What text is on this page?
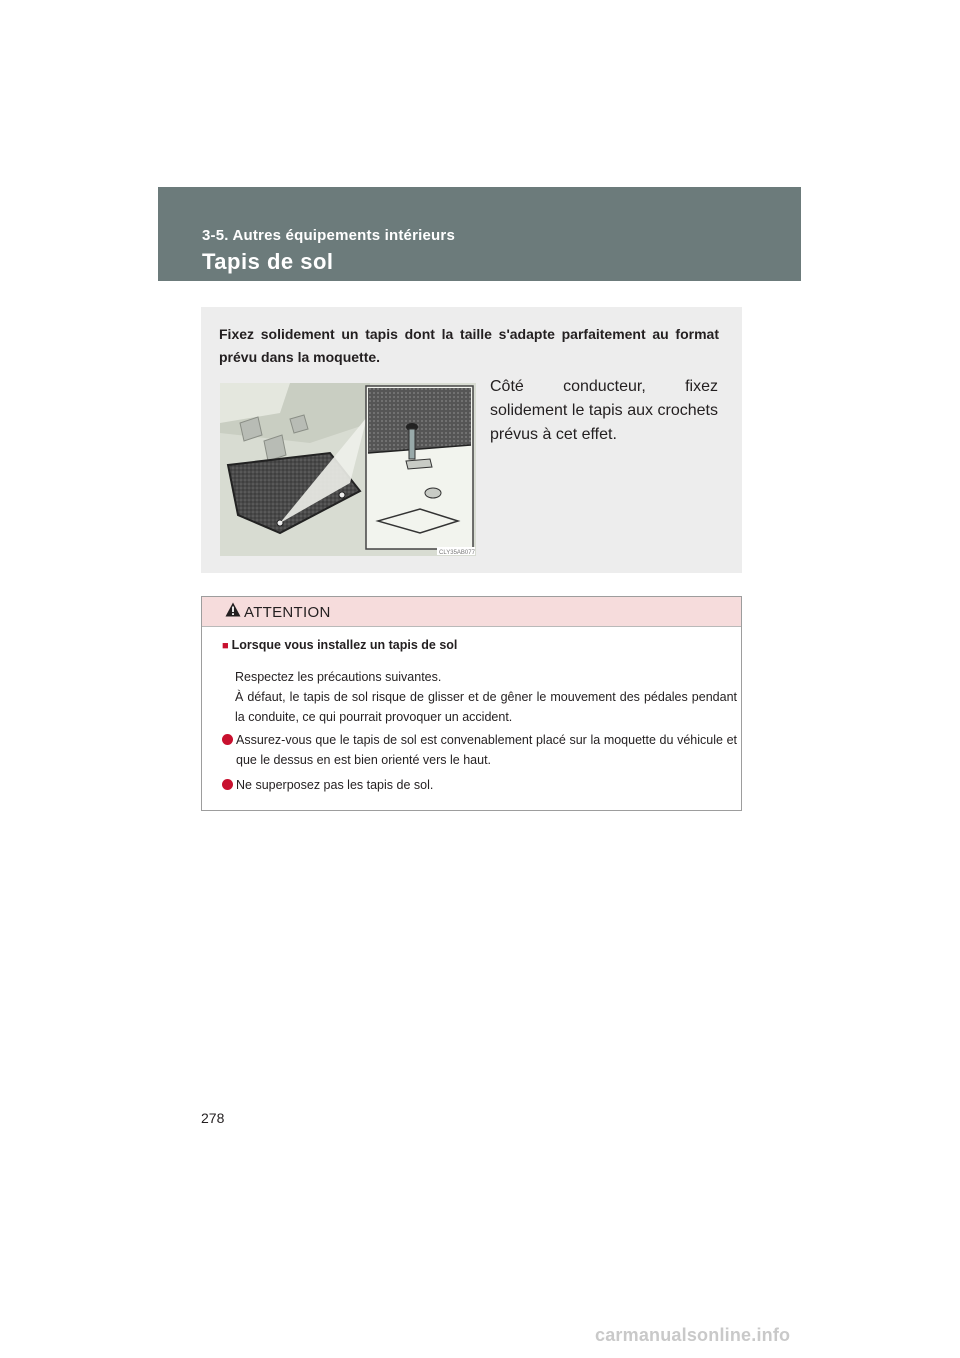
3-5. Autres équipements intérieurs
Tapis de sol
Fixez solidement un tapis dont la taille s'adapte parfaitement au format prévu dans la moquette.
CLY35AB077
Côté conducteur, fixez solidement le tapis aux crochets prévus à cet effet.
ATTENTION
■ Lorsque vous installez un tapis de sol
Respectez les précautions suivantes.
À défaut, le tapis de sol risque de glisser et de gêner le mouvement des pédales pendant la conduite, ce qui pourrait provoquer un accident.
Assurez-vous que le tapis de sol est convenablement placé sur la moquette du véhicule et que le dessus en est bien orienté vers le haut.
Ne superposez pas les tapis de sol.
278
carmanualsonline.info
